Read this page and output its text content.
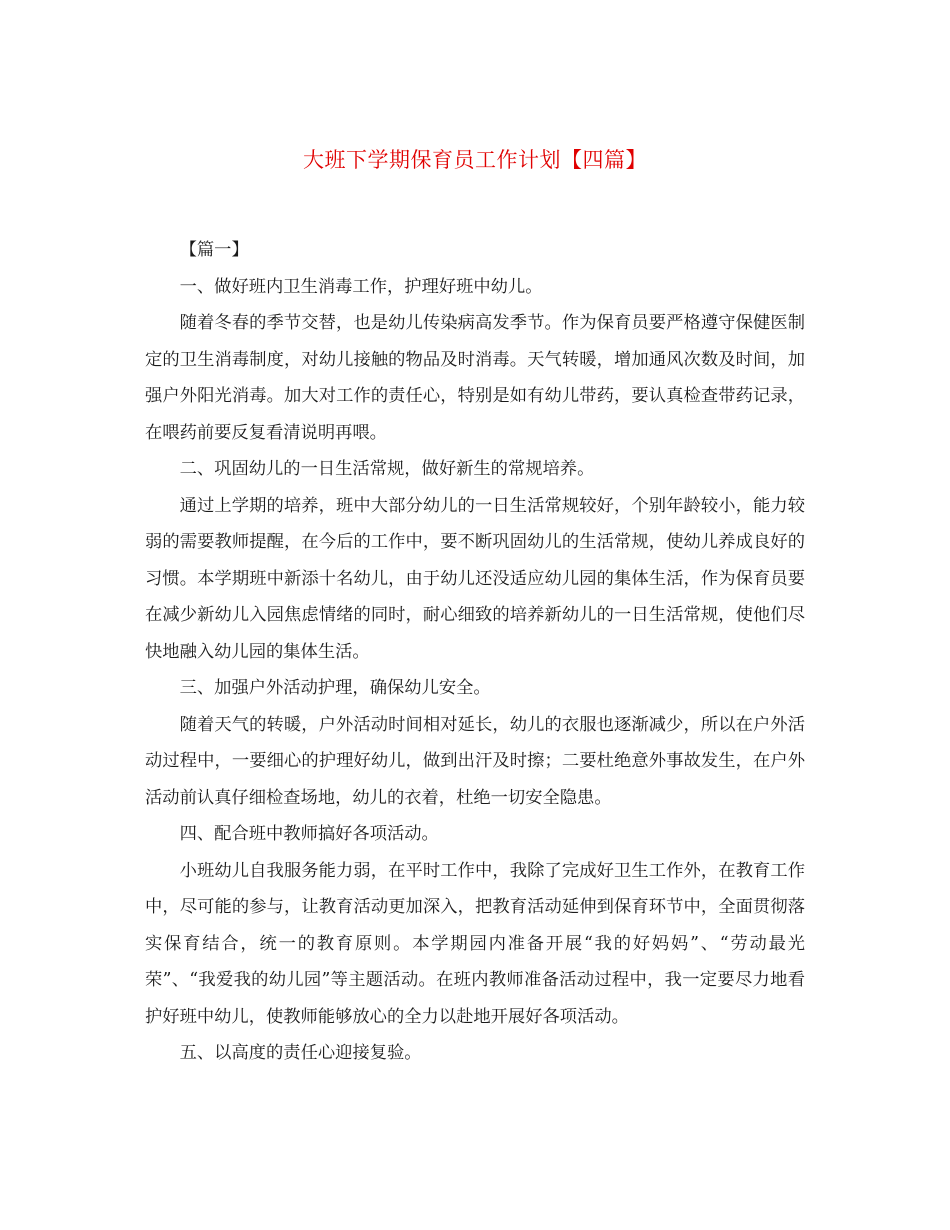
大班下学期保育员工作计划【四篇】

【篇一】

一、做好班内卫生消毒工作，护理好班中幼儿。

随着冬春的季节交替，也是幼儿传染病高发季节。作为保育员要严格遵守保健医制定的卫生消毒制度，对幼儿接触的物品及时消毒。天气转暖，增加通风次数及时间，加强户外阳光消毒。加大对工作的责任心，特别是如有幼儿带药，要认真检查带药记录，在喂药前要反复看清说明再喂。

二、巩固幼儿的一日生活常规，做好新生的常规培养。

通过上学期的培养，班中大部分幼儿的一日生活常规较好，个别年龄较小，能力较弱的需要教师提醒，在今后的工作中，要不断巩固幼儿的生活常规，使幼儿养成良好的习惯。本学期班中新添十名幼儿，由于幼儿还没适应幼儿园的集体生活，作为保育员要在减少新幼儿入园焦虑情绪的同时，耐心细致的培养新幼儿的一日生活常规，使他们尽快地融入幼儿园的集体生活。

三、加强户外活动护理，确保幼儿安全。

随着天气的转暖，户外活动时间相对延长，幼儿的衣服也逐渐减少，所以在户外活动过程中，一要细心的护理好幼儿，做到出汗及时擦；二要杜绝意外事故发生，在户外活动前认真仔细检查场地，幼儿的衣着，杜绝一切安全隐患。

四、配合班中教师搞好各项活动。

小班幼儿自我服务能力弱，在平时工作中，我除了完成好卫生工作外，在教育工作中，尽可能的参与，让教育活动更加深入，把教育活动延伸到保育环节中，全面贯彻落实保育结合，统一的教育原则。本学期园内准备开展“我的好妈妈”、“劳动最光荣”、“我爱我的幼儿园”等主题活动。在班内教师准备活动过程中，我一定要尽力地看护好班中幼儿，使教师能够放心的全力以赴地开展好各项活动。

五、以高度的责任心迎接复验。
